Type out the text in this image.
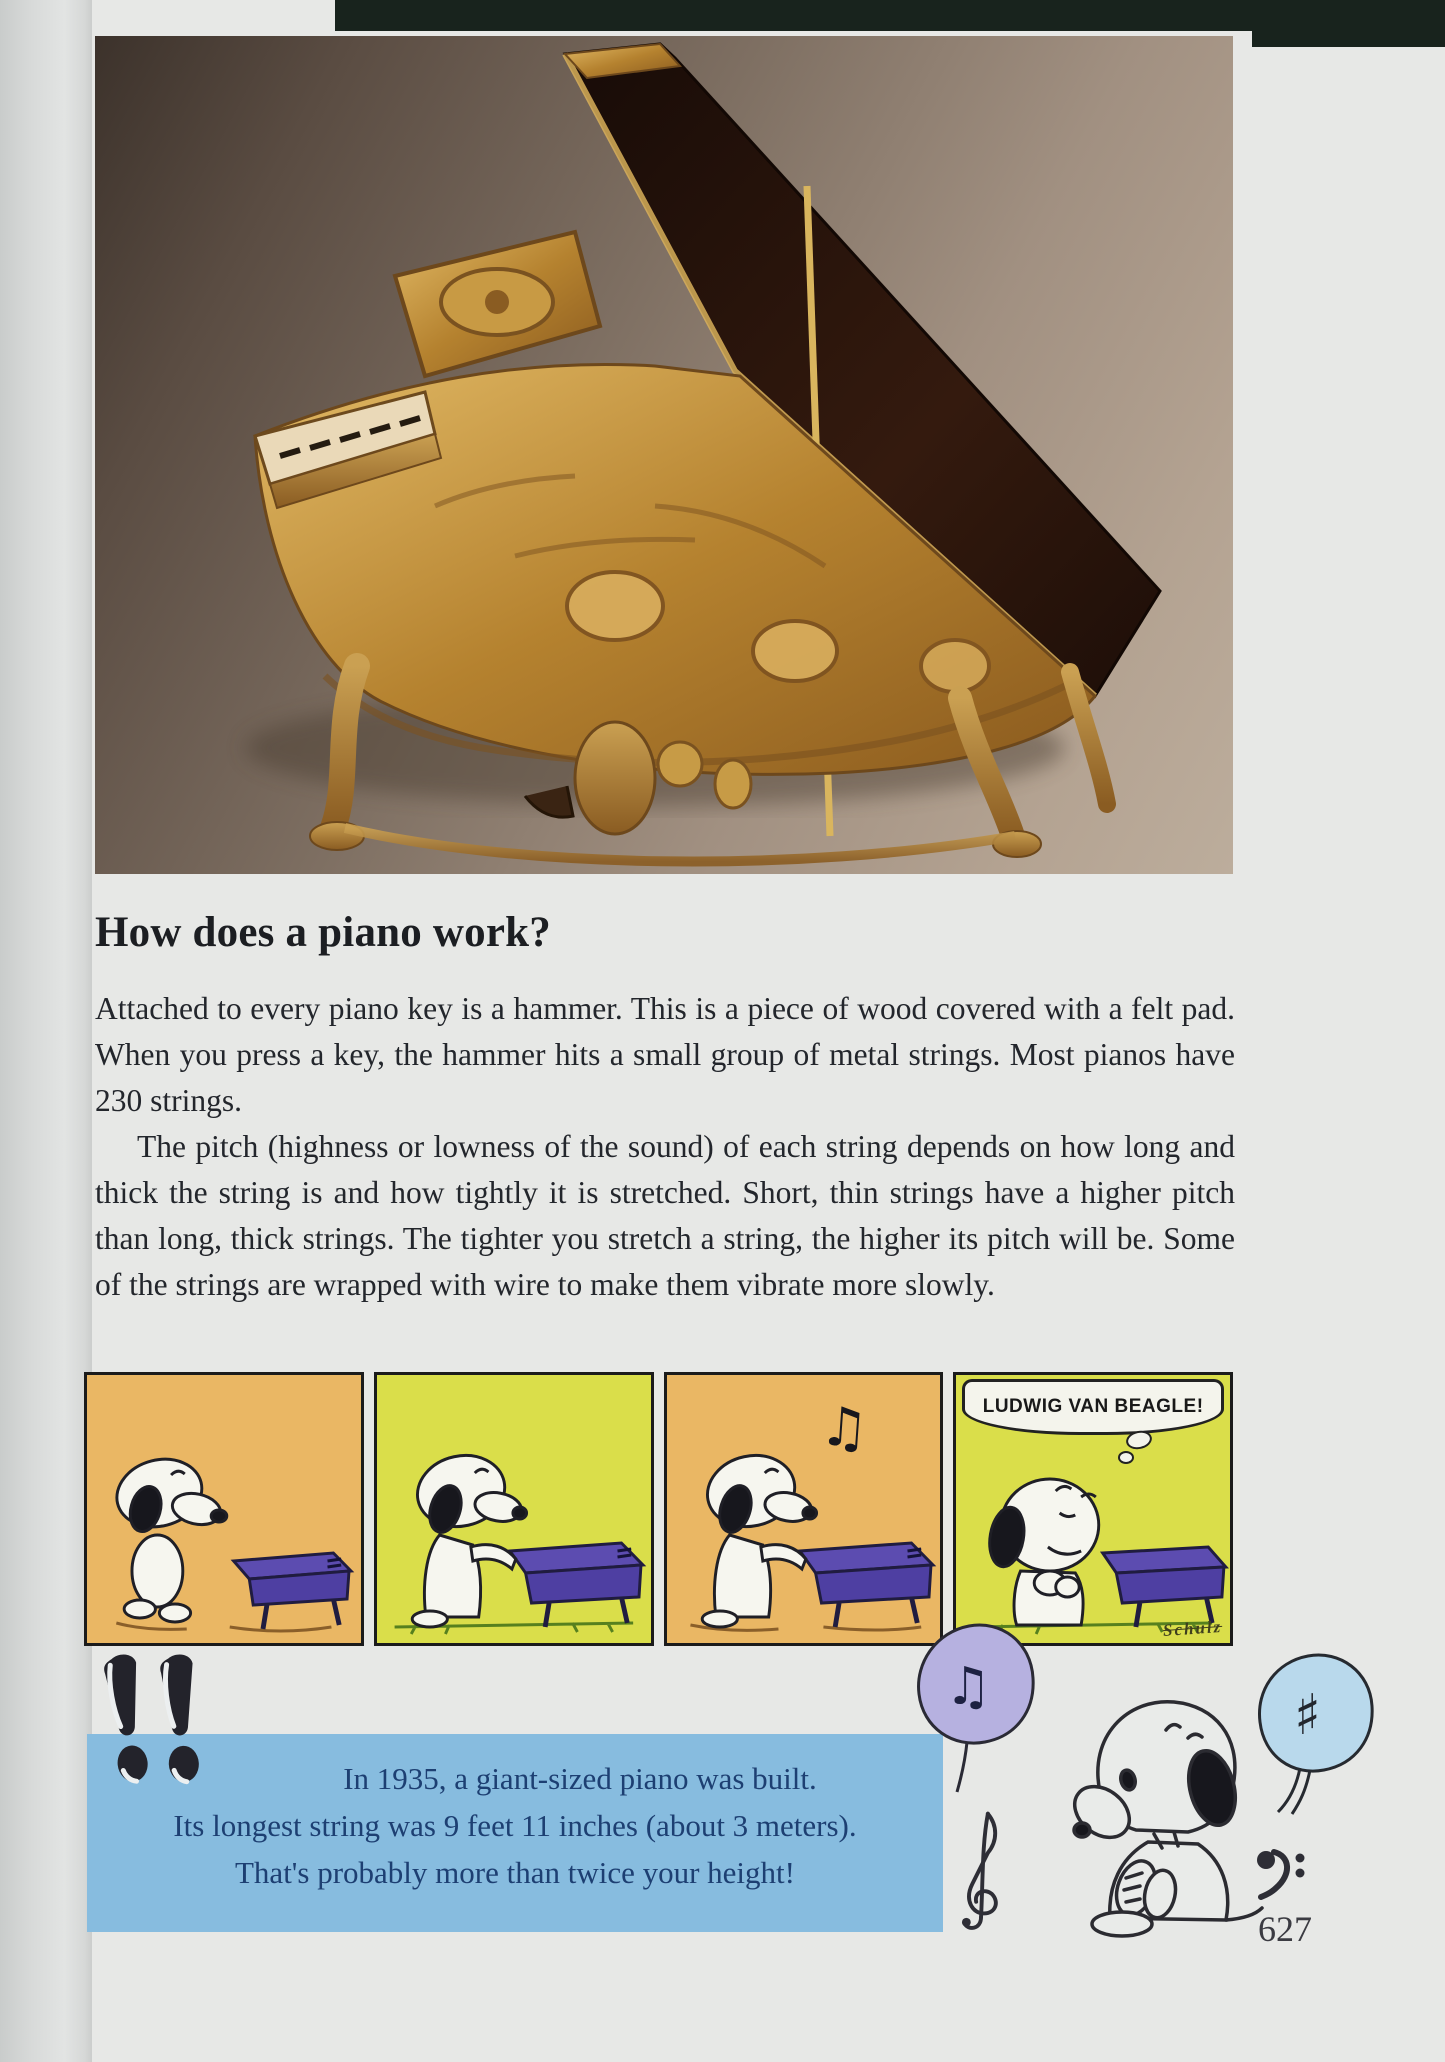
How does a piano work?

Attached to every piano key is a hammer. This is a piece of wood covered with a felt pad. When you press a key, the hammer hits a small group of metal strings. Most pianos have 230 strings.

The pitch (highness or lowness of the sound) of each string depends on how long and thick the string is and how tightly it is stretched. Short, thin strings have a higher pitch than long, thick strings. The tighter you stretch a string, the higher its pitch will be. Some of the strings are wrapped with wire to make them vibrate more slowly.

♫	LUDWIG VAN BEAGLE!
Schulz
In 1935, a giant-sized piano was built.
Its longest string was 9 feet 11 inches (about 3 meters).
That's probably more than twice your height!
♫	♯
627
